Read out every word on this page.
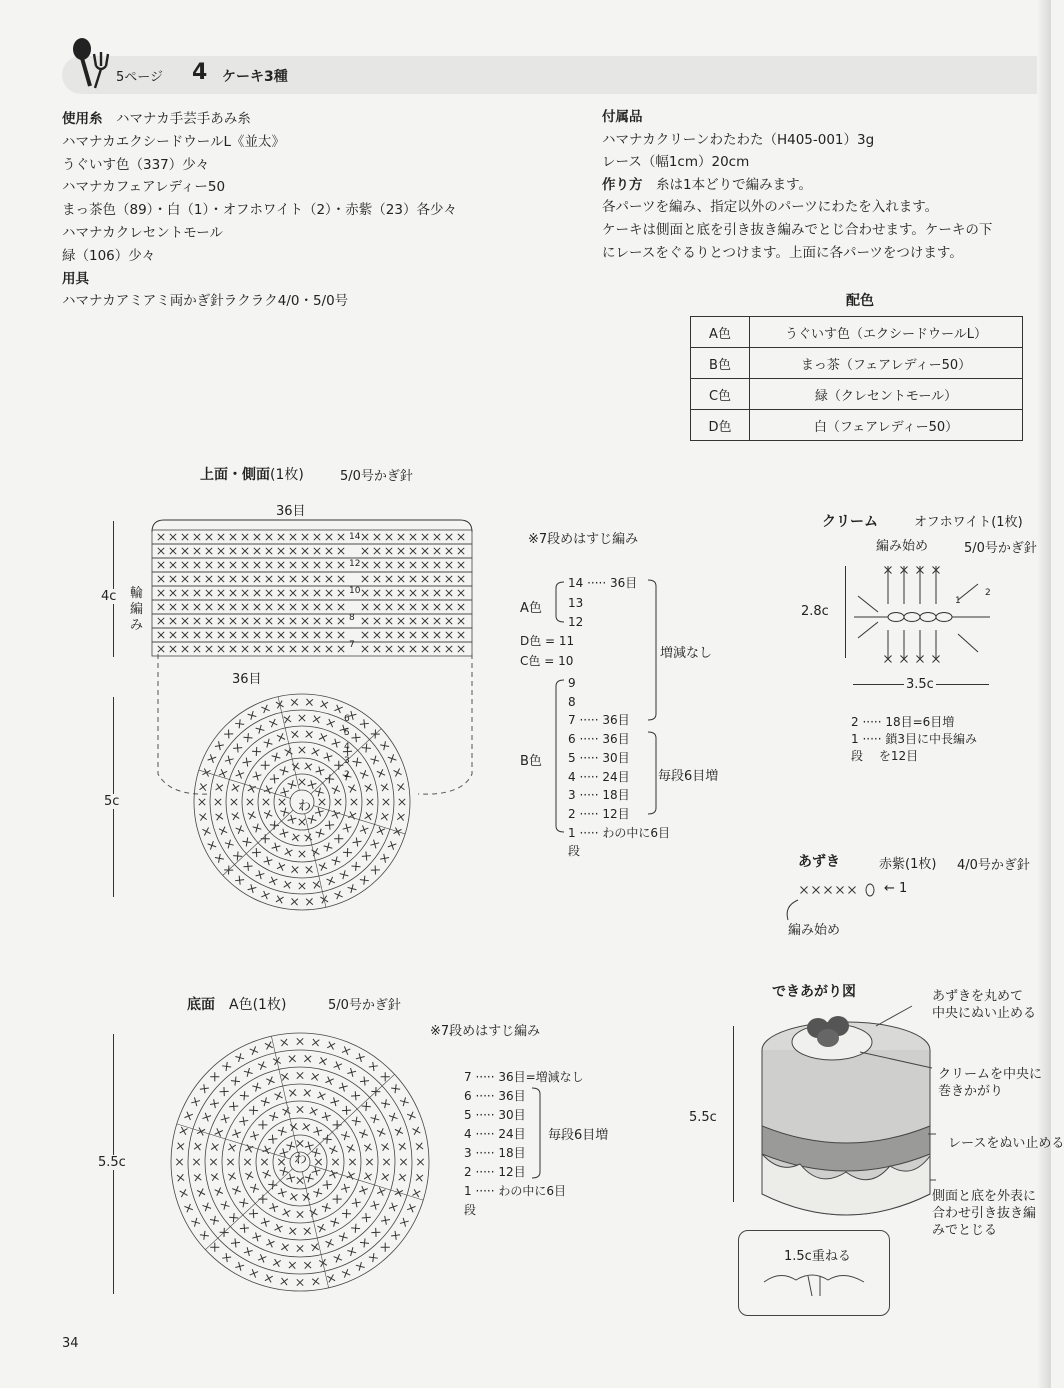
5ページ 4 ケーキ3種
使用糸　 ハマナカ手芸手あみ糸
ハマナカエクシードウールL《並太》
うぐいす色（337）少々
ハマナカフェアレディー50
まっ茶色（89）・白（1）・オフホワイト（2）・赤紫（23）各少々
ハマナカクレセントモール
緑（106）少々
用具
ハマナカアミアミ両かぎ針ラクラク4/0・5/0号
付属品
ハマナカクリーンわたわた（H405-001）3g
レース（幅1cm）20cm
作り方　 糸は1本どりで編みます。
各パーツを編み、指定以外のパーツにわたを入れます。
ケーキは側面と底を引き抜き編みでとじ合わせます。ケーキの下
にレースをぐるりとつけます。上面に各パーツをつけます。
配色
A色	うぐいす色（エクシードウールL）
B色	まっ茶（フェアレディー50）
C色	緑（クレセントモール）
D色	白（フェアレディー50）
上面・側面(1枚)	5/0号かぎ針
36目
4c
5c
輪編み
36目
14
12
10
8
7
6
5
4
3
2
わ
※7段めはすじ編み
14 ····· 36目
13
12
A色
D色 = 11
C色 = 10	増減なし
9
8
7 ····· 36目
6 ····· 36目
5 ····· 30目
4 ····· 24目
3 ····· 18目
2 ····· 12目
1 ····· わの中に6目
段
B色
毎段6目増
クリーム	オフホワイト(1枚)
編み始め	5/0号かぎ針
2.8c
1
2
3.5c
2 ····· 18目=6目増
1 ····· 鎖3目に中長編み
段　 を12目
あずき	赤紫(1枚) 4/0号かぎ針
← 1
編み始め
底面　 A色(1枚)	5/0号かぎ針
5.5c	わ
※7段めはすじ編み
7 ····· 36目=増減なし
6 ····· 36目
5 ····· 30目
4 ····· 24目
3 ····· 18目
2 ····· 12目
1 ····· わの中に6目
段
毎段6目増
できあがり図
5.5c
あずきを丸めて
中央にぬい止める
クリームを中央に
巻きかがり
レースをぬい止める
側面と底を外表に
合わせ引き抜き編
みでとじる
1.5c重ねる
34
